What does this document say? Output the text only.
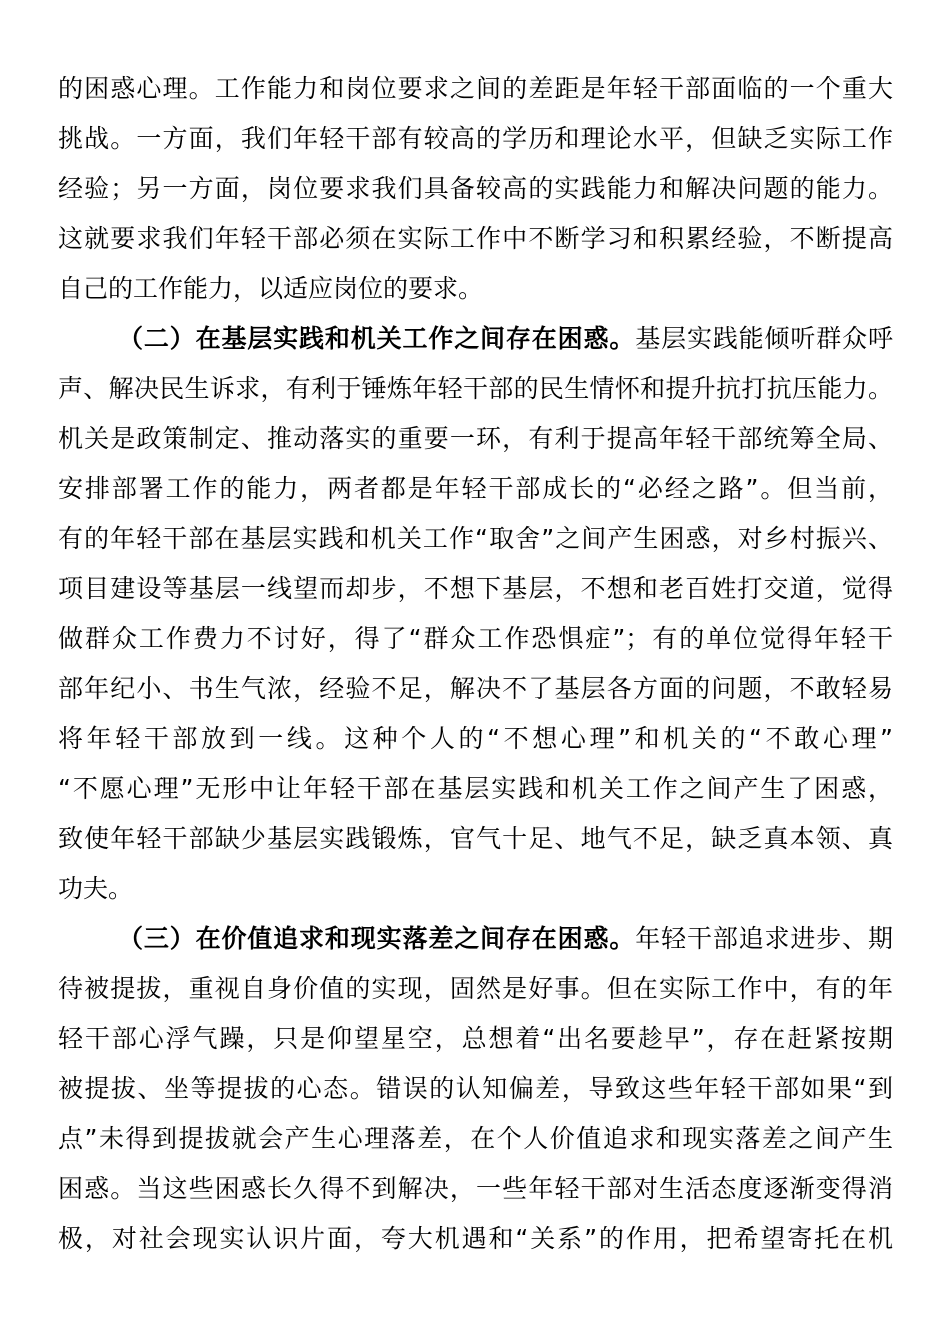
的困惑心理。工作能力和岗位要求之间的差距是年轻干部面临的一个重大
挑战。一方面，我们年轻干部有较高的学历和理论水平，但缺乏实际工作
经验；另一方面，岗位要求我们具备较高的实践能力和解决问题的能力。
这就要求我们年轻干部必须在实际工作中不断学习和积累经验，不断提高
自己的工作能力，以适应岗位的要求。
（二）在基层实践和机关工作之间存在困惑。基层实践能倾听群众呼
声、解决民生诉求，有利于锤炼年轻干部的民生情怀和提升抗打抗压能力。
机关是政策制定、推动落实的重要一环，有利于提高年轻干部统筹全局、
安排部署工作的能力，两者都是年轻干部成长的“必经之路”。但当前，
有的年轻干部在基层实践和机关工作“取舍”之间产生困惑，对乡村振兴、
项目建设等基层一线望而却步，不想下基层，不想和老百姓打交道，觉得
做群众工作费力不讨好，得了“群众工作恐惧症”；有的单位觉得年轻干
部年纪小、书生气浓，经验不足，解决不了基层各方面的问题，不敢轻易
将年轻干部放到一线。这种个人的“不想心理”和机关的“不敢心理”
“不愿心理”无形中让年轻干部在基层实践和机关工作之间产生了困惑，
致使年轻干部缺少基层实践锻炼，官气十足、地气不足，缺乏真本领、真
功夫。
（三）在价值追求和现实落差之间存在困惑。年轻干部追求进步、期
待被提拔，重视自身价值的实现，固然是好事。但在实际工作中，有的年
轻干部心浮气躁，只是仰望星空，总想着“出名要趁早”，存在赶紧按期
被提拔、坐等提拔的心态。错误的认知偏差，导致这些年轻干部如果“到
点”未得到提拔就会产生心理落差，在个人价值追求和现实落差之间产生
困惑。当这些困惑长久得不到解决，一些年轻干部对生活态度逐渐变得消
极，对社会现实认识片面，夸大机遇和“关系”的作用，把希望寄托在机
